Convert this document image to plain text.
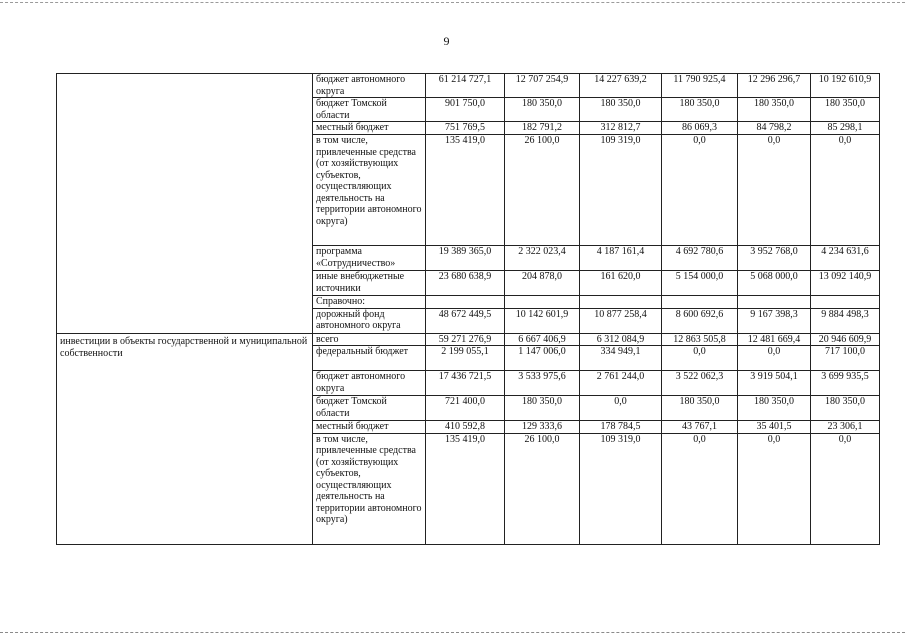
9
	бюджет автономного округа	61 214 727,1	12 707 254,9	14 227 639,2	11 790 925,4	12 296 296,7	10 192 610,9
	бюджет Томской области	901 750,0	180 350,0	180 350,0	180 350,0	180 350,0	180 350,0
	местный бюджет	751 769,5	182 791,2	312 812,7	86 069,3	84 798,2	85 298,1
	в том числе, привлеченные средства (от хозяйствующих субъектов, осуществляющих деятельность на территории автономного округа)	135 419,0	26 100,0	109 319,0	0,0	0,0	0,0
	программа «Сотрудничество»	19 389 365,0	2 322 023,4	4 187 161,4	4 692 780,6	3 952 768,0	4 234 631,6
	иные внебюджетные источники	23 680 638,9	204 878,0	161 620,0	5 154 000,0	5 068 000,0	13 092 140,9
	Справочно:						
	дорожный фонд автономного округа	48 672 449,5	10 142 601,9	10 877 258,4	8 600 692,6	9 167 398,3	9 884 498,3
инвестиции в объекты государственной и муниципальной собственности	всего	59 271 276,9	6 667 406,9	6 312 084,9	12 863 505,8	12 481 669,4	20 946 609,9
	федеральный бюджет	2 199 055,1	1 147 006,0	334 949,1	0,0	0,0	717 100,0
	бюджет автономного округа	17 436 721,5	3 533 975,6	2 761 244,0	3 522 062,3	3 919 504,1	3 699 935,5
	бюджет Томской области	721 400,0	180 350,0	0,0	180 350,0	180 350,0	180 350,0
	местный бюджет	410 592,8	129 333,6	178 784,5	43 767,1	35 401,5	23 306,1
	в том числе, привлеченные средства (от хозяйствующих субъектов, осуществляющих деятельность на территории автономного округа)	135 419,0	26 100,0	109 319,0	0,0	0,0	0,0
